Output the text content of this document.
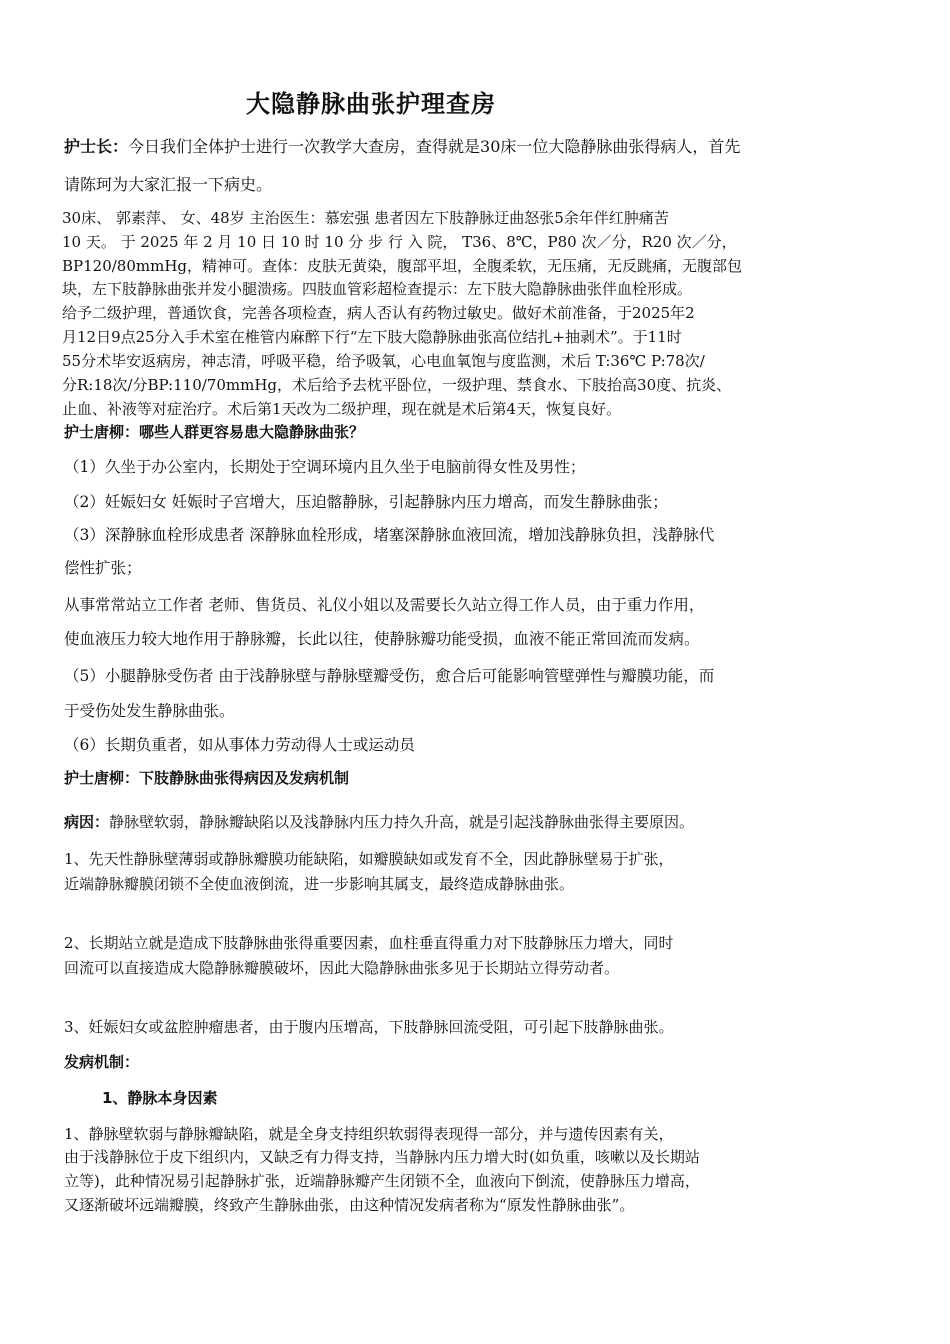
大隐静脉曲张护理查房
护士长：今日我们全体护士进行一次教学大查房，查得就是30床一位大隐静脉曲张得病人，首先
请陈珂为大家汇报一下病史。
30床、 郭素萍、 女、48岁 主治医生：慕宏强 患者因左下肢静脉迂曲怒张5余年伴红肿痛苦
10 天。 于 2025 年 2 月 10 日 10 时 10 分 步 行 入 院， T36、8℃，P80 次／分，R20 次／分，
BP120/80mmHg，精神可。查体：皮肤无黄染，腹部平坦，全腹柔软，无压痛，无反跳痛，无腹部包
块，左下肢静脉曲张并发小腿溃疡。四肢血管彩超检查提示：左下肢大隐静脉曲张伴血栓形成。
给予二级护理，普通饮食，完善各项检查，病人否认有药物过敏史。做好术前准备，于2025年2
月12日9点25分入手术室在椎管内麻醉下行“左下肢大隐静脉曲张高位结扎+抽剥术”。于11时
55分术毕安返病房，神志清，呼吸平稳，给予吸氧，心电血氧饱与度监测，术后 T:36℃ P:78次/
分R:18次/分BP:110/70mmHg，术后给予去枕平卧位，一级护理、禁食水、下肢抬高30度、抗炎、
止血、补液等对症治疗。术后第1天改为二级护理，现在就是术后第4天，恢复良好。
护士唐柳：哪些人群更容易患大隐静脉曲张？
（1）久坐于办公室内，长期处于空调环境内且久坐于电脑前得女性及男性；
（2）妊娠妇女 妊娠时子宫增大，压迫髂静脉，引起静脉内压力增高，而发生静脉曲张；
（3）深静脉血栓形成患者 深静脉血栓形成，堵塞深静脉血液回流，增加浅静脉负担，浅静脉代
偿性扩张；
从事常常站立工作者 老师、售货员、礼仪小姐以及需要长久站立得工作人员，由于重力作用，
使血液压力较大地作用于静脉瓣，长此以往，使静脉瓣功能受损，血液不能正常回流而发病。
（5）小腿静脉受伤者 由于浅静脉壁与静脉壁瓣受伤，愈合后可能影响管壁弹性与瓣膜功能，而
于受伤处发生静脉曲张。
（6）长期负重者，如从事体力劳动得人士或运动员
护士唐柳：下肢静脉曲张得病因及发病机制
病因：静脉壁软弱，静脉瓣缺陷以及浅静脉内压力持久升高，就是引起浅静脉曲张得主要原因。
1、先天性静脉壁薄弱或静脉瓣膜功能缺陷，如瓣膜缺如或发育不全，因此静脉壁易于扩张，
近端静脉瓣膜闭锁不全使血液倒流，进一步影响其属支，最终造成静脉曲张。
2、长期站立就是造成下肢静脉曲张得重要因素，血柱垂直得重力对下肢静脉压力增大，同时
回流可以直接造成大隐静脉瓣膜破坏，因此大隐静脉曲张多见于长期站立得劳动者。
3、妊娠妇女或盆腔肿瘤患者，由于腹内压增高，下肢静脉回流受阻，可引起下肢静脉曲张。
发病机制：
1、静脉本身因素
1、静脉壁软弱与静脉瓣缺陷，就是全身支持组织软弱得表现得一部分，并与遗传因素有关，
由于浅静脉位于皮下组织内，又缺乏有力得支持，当静脉内压力增大时(如负重，咳嗽以及长期站
立等)，此种情况易引起静脉扩张，近端静脉瓣产生闭锁不全，血液向下倒流，使静脉压力增高，
又逐渐破坏远端瓣膜，终致产生静脉曲张，由这种情况发病者称为“原发性静脉曲张”。
